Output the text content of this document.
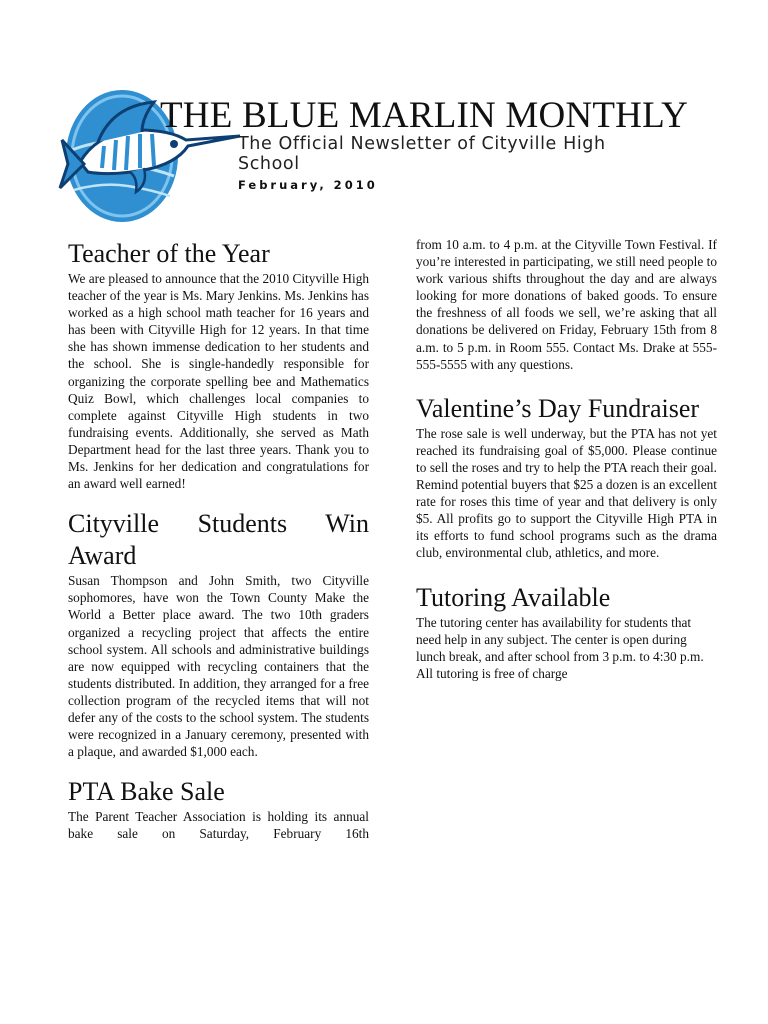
THE BLUE MARLIN MONTHLY
The Official Newsletter of Cityville High School
February, 2010
Teacher of the Year

We are pleased to announce that the 2010 Cityville High teacher of the year is Ms. Mary Jenkins. Ms. Jenkins has worked as a high school math teacher for 16 years and has been with Cityville High for 12 years. In that time she has shown immense dedication to her students and the school. She is single-handedly responsible for organizing the corporate spelling bee and Mathematics Quiz Bowl, which challenges local companies to complete against Cityville High students in two fundraising events. Additionally, she served as Math Department head for the last three years. Thank you to Ms. Jenkins for her dedication and congratulations for an award well earned!

Cityville Students Win Award

Susan Thompson and John Smith, two Cityville sophomores, have won the Town County Make the World a Better place award. The two 10th graders organized a recycling project that affects the entire school system. All schools and administrative buildings are now equipped with recycling containers that the students distributed. In addition, they arranged for a free collection program of the recycled items that will not defer any of the costs to the school system. The students were recognized in a January ceremony, presented with a plaque, and awarded $1,000 each.

PTA Bake Sale

The Parent Teacher Association is holding its annual bake sale on Saturday, February 16th

from 10 a.m. to 4 p.m. at the Cityville Town Festival. If you’re interested in participating, we still need people to work various shifts throughout the day and are always looking for more donations of baked goods. To ensure the freshness of all foods we sell, we’re asking that all donations be delivered on Friday, February 15th from 8 a.m. to 5 p.m. in Room 555. Contact Ms. Drake at 555-555-5555 with any questions.

Valentine’s Day Fundraiser

The rose sale is well underway, but the PTA has not yet reached its fundraising goal of $5,000. Please continue to sell the roses and try to help the PTA reach their goal. Remind potential buyers that $25 a dozen is an excellent rate for roses this time of year and that delivery is only $5. All profits go to support the Cityville High PTA in its efforts to fund school programs such as the drama club, environmental club, athletics, and more.

Tutoring Available

The tutoring center has availability for students that need help in any subject. The center is open during lunch break, and after school from 3 p.m. to 4:30 p.m. All tutoring is free of charge
